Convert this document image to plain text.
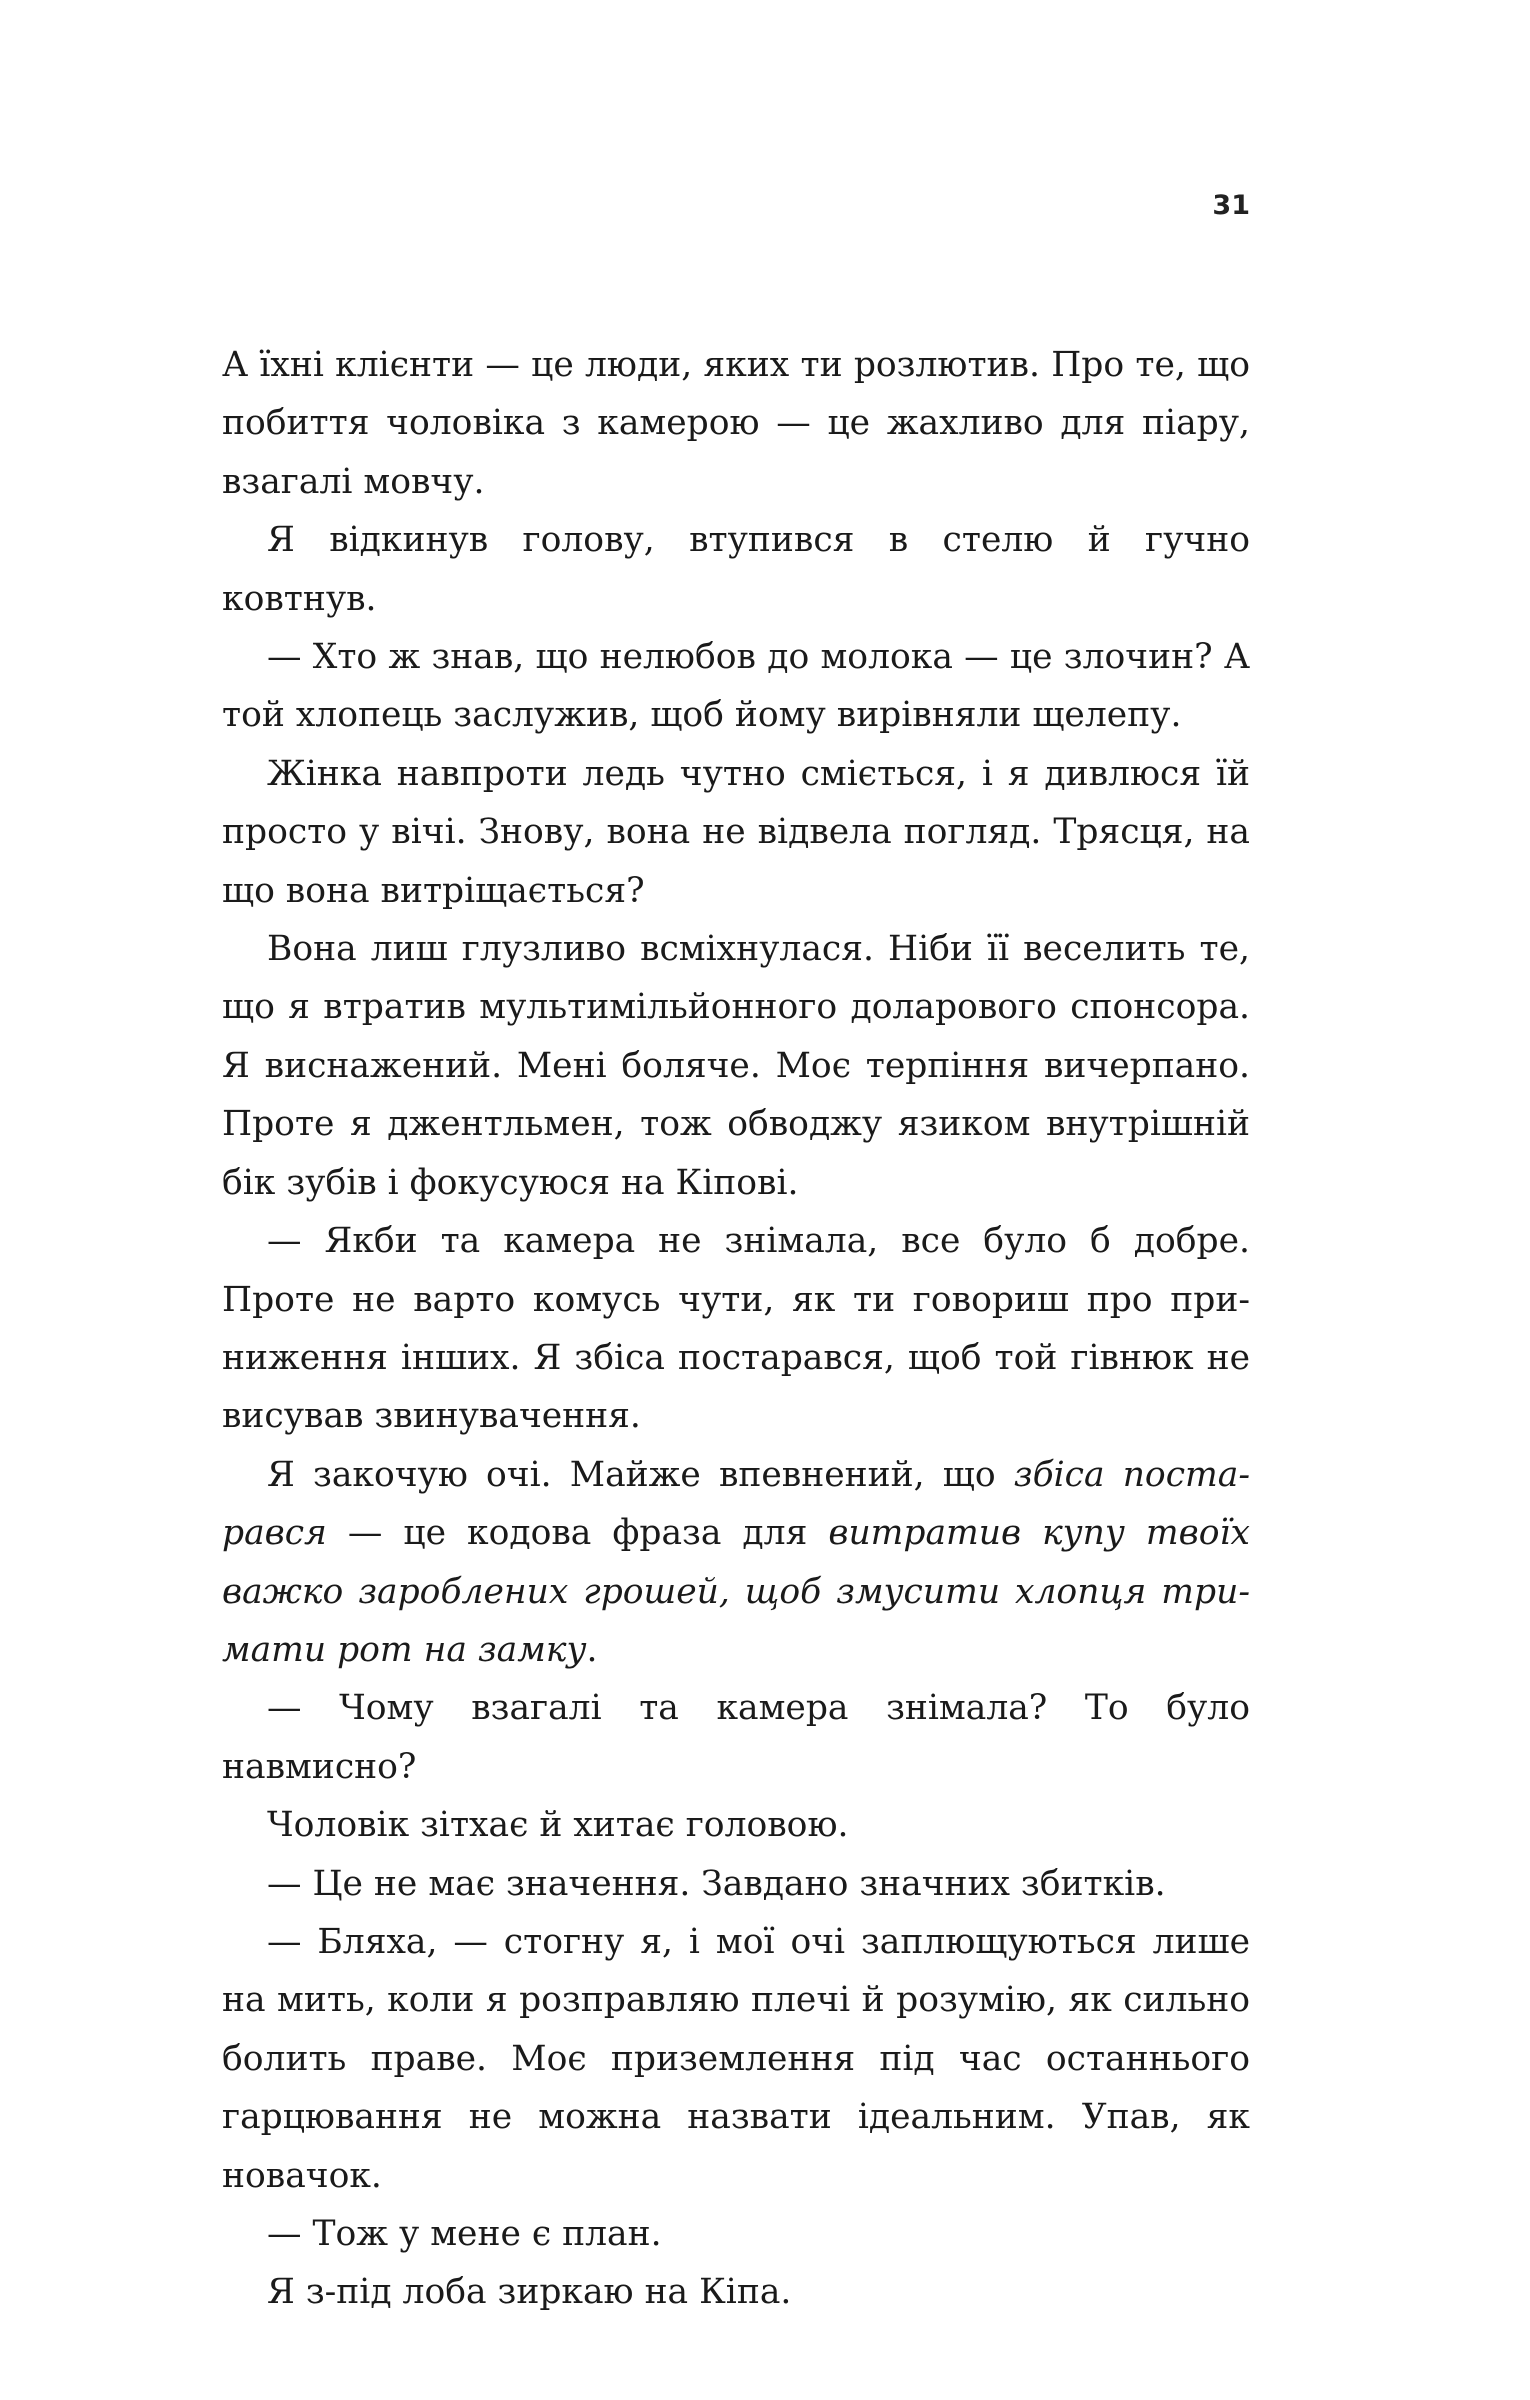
31

А їхні клієнти — це люди, яких ти розлютив. Про те, що побиття чоловіка з камерою — це жахливо для піару, взагалі мовчу.

Я відкинув голову, втупився в стелю й гучно ковтнув.

— Хто ж знав, що нелюбов до молока — це злочин? А той хлопець заслужив, щоб йому вирівняли щелепу.

Жінка навпроти ледь чутно сміється, і я дивлюся їй просто у вічі. Знову, вона не відвела погляд. Трясця, на що вона витріщається?

Вона лиш глузливо всміхнулася. Ніби її веселить те, що я втратив мультимільйонного доларового спонсора. Я виснажений. Мені боляче. Моє терпіння вичерпано. Проте я джентльмен, тож обводжу язиком внутрішній бік зубів і фокусуюся на Кіпові.

— Якби та камера не знімала, все було б добре. Проте не варто комусь чути, як ти говориш про приниження інших. Я збіса постарався, щоб той гівнюк не висував звинувачення.

Я закочую очі. Майже впевнений, що збіса постарався — це кодова фраза для витратив купу твоїх важко зароблених грошей, щоб змусити хлопця тримати рот на замку.

— Чому взагалі та камера знімала? То було навмисно?

Чоловік зітхає й хитає головою.

— Це не має значення. Завдано значних збитків.

— Бляха, — стогну я, і мої очі заплющуються лише на мить, коли я розправляю плечі й розумію, як сильно болить праве. Моє приземлення під час останнього гарцювання не можна назвати ідеальним. Упав, як новачок.

— Тож у мене є план.

Я з-під лоба зиркаю на Кіпа.
